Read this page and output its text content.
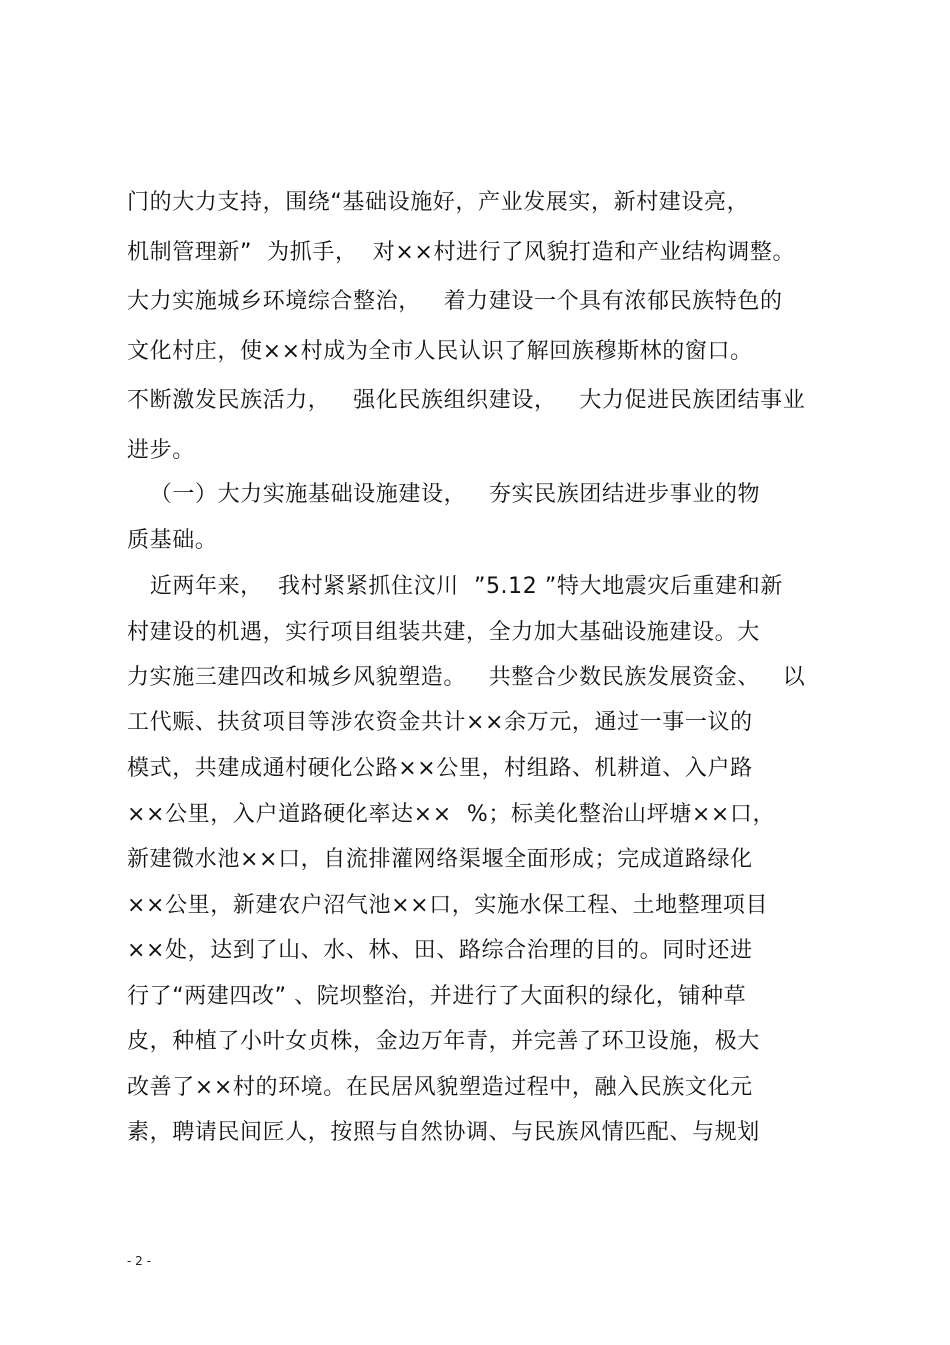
门的大力支持，围绕“基础设施好，产业发展实，新村建设亮，
机制管理新”  为抓手，  对××村进行了风貌打造和产业结构调整。
大力实施城乡环境综合整治，   着力建设一个具有浓郁民族特色的
文化村庄，使××村成为全市人民认识了解回族穆斯林的窗口。
不断激发民族活力，   强化民族组织建设，   大力促进民族团结事业
进步。
（一）大力实施基础设施建设，   夯实民族团结进步事业的物
质基础。
近两年来，  我村紧紧抓住汶川  ”5.12 ”特大地震灾后重建和新
村建设的机遇，实行项目组装共建，全力加大基础设施建设。大
力实施三建四改和城乡风貌塑造。   共整合少数民族发展资金、   以
工代赈、扶贫项目等涉农资金共计××余万元，通过一事一议的
模式，共建成通村硬化公路××公里，村组路、机耕道、入户路
××公里，入户道路硬化率达××  %；标美化整治山坪塘××口，
新建微水池××口，自流排灌网络渠堰全面形成；完成道路绿化
××公里，新建农户沼气池××口，实施水保工程、土地整理项目
××处，达到了山、水、林、田、路综合治理的目的。同时还进
行了“两建四改” 、院坝整治，并进行了大面积的绿化，铺种草
皮，种植了小叶女贞株，金边万年青，并完善了环卫设施，极大
改善了××村的环境。在民居风貌塑造过程中，融入民族文化元
素，聘请民间匠人，按照与自然协调、与民族风情匹配、与规划
- 2 -
